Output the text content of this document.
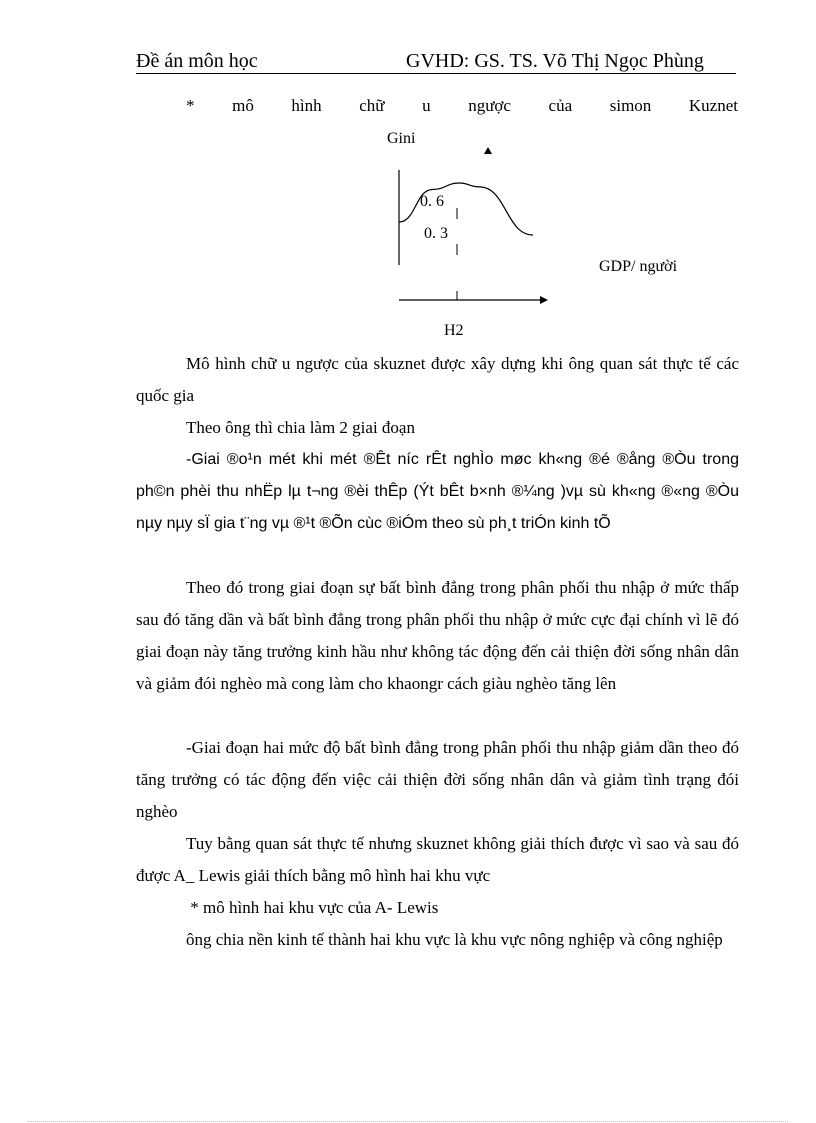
Đề án môn học	GVHD: GS. TS. Võ Thị Ngọc Phùng
* mô hình chữ u ngược của simon Kuznet
Gini
0. 6
0. 3
GDP/ người
H2
Mô hình chữ u ngược của skuznet được xây dựng khi ông quan sát thực tế các quốc gia
Theo ông thì chia làm 2 giai đoạn
-Giai ®o¹n mét khi mét ®Êt níc rÊt nghÌo møc kh«ng ®é ®ång ®Òu trong ph©n phèi thu nhËp lµ t¬ng ®èi thÊp (Ýt bÊt b×nh ®¼ng )vµ sù kh«ng ®«ng ®Òu nµy nµy sÏ gia t¨ng vµ ®¹t ®Õn cùc ®iÓm theo sù ph¸t triÓn kinh tÕ
Theo đó trong giai đoạn sự bất bình đẳng trong phân phối thu nhập ở mức thấp sau đó tăng dần và bất bình đẳng trong phân phối thu nhập ở mức cực đại chính vì lẽ đó giai đoạn này tăng trưởng kinh hầu như không tác động đến cải thiện đời sống nhân dân và giảm đói nghèo mà cong làm cho khaongr cách giàu nghèo tăng lên
-Giai đoạn hai mức độ bất bình đẳng trong phân phối thu nhập giảm dần theo đó tăng trưởng có tác động đến việc cải thiện đời sống nhân dân và giảm tình trạng đói nghèo
Tuy bằng quan sát thực tế nhưng skuznet không giải thích được vì sao và sau đó được A_ Lewis giải thích bằng mô hình hai khu vực
* mô hình hai khu vực của A- Lewis
ông chia nền kinh tế thành hai khu vực là khu vực nông nghiệp và công nghiệp
